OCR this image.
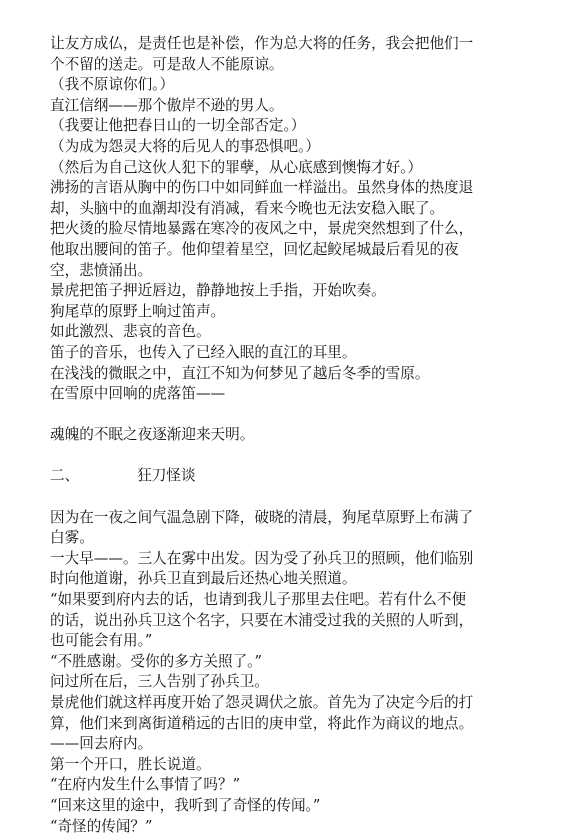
让友方成仏，是责任也是补偿，作为总大将的任务，我会把他们一

个不留的送走。可是敌人不能原谅。

（我不原谅你们。）

直江信纲——那个傲岸不逊的男人。

（我要让他把春日山的一切全部否定。）

（为成为怨灵大将的后见人的事恐惧吧。）

（然后为自己这伙人犯下的罪孽，从心底感到懊悔才好。）

沸扬的言语从胸中的伤口中如同鲜血一样溢出。虽然身体的热度退

却，头脑中的血潮却没有消减，看来今晚也无法安稳入眠了。

把火烫的脸尽情地暴露在寒冷的夜风之中，景虎突然想到了什么，

他取出腰间的笛子。他仰望着星空，回忆起鲛尾城最后看见的夜

空，悲愤涌出。

景虎把笛子押近唇边，静静地按上手指，开始吹奏。

狗尾草的原野上响过笛声。

如此激烈、悲哀的音色。

笛子的音乐，也传入了已经入眠的直江的耳里。

在浅浅的微眠之中，直江不知为何梦见了越后冬季的雪原。

在雪原中回响的虎落笛——

魂魄的不眠之夜逐渐迎来天明。

二、	狂刀怪谈

因为在一夜之间气温急剧下降，破晓的清晨，狗尾草原野上布满了

白雾。

一大早——。三人在雾中出发。因为受了孙兵卫的照顾，他们临别

时向他道谢，孙兵卫直到最后还热心地关照道。

“如果要到府内去的话，也请到我儿子那里去住吧。若有什么不便

的话，说出孙兵卫这个名字，只要在木浦受过我的关照的人听到，

也可能会有用。”

“不胜感谢。受你的多方关照了。”

问过所在后，三人告别了孙兵卫。

景虎他们就这样再度开始了怨灵调伏之旅。首先为了决定今后的打

算，他们来到离街道稍远的古旧的庚申堂，将此作为商议的地点。

——回去府内。

第一个开口，胜长说道。

“在府内发生什么事情了吗？”

“回来这里的途中，我听到了奇怪的传闻。”

“奇怪的传闻？”
